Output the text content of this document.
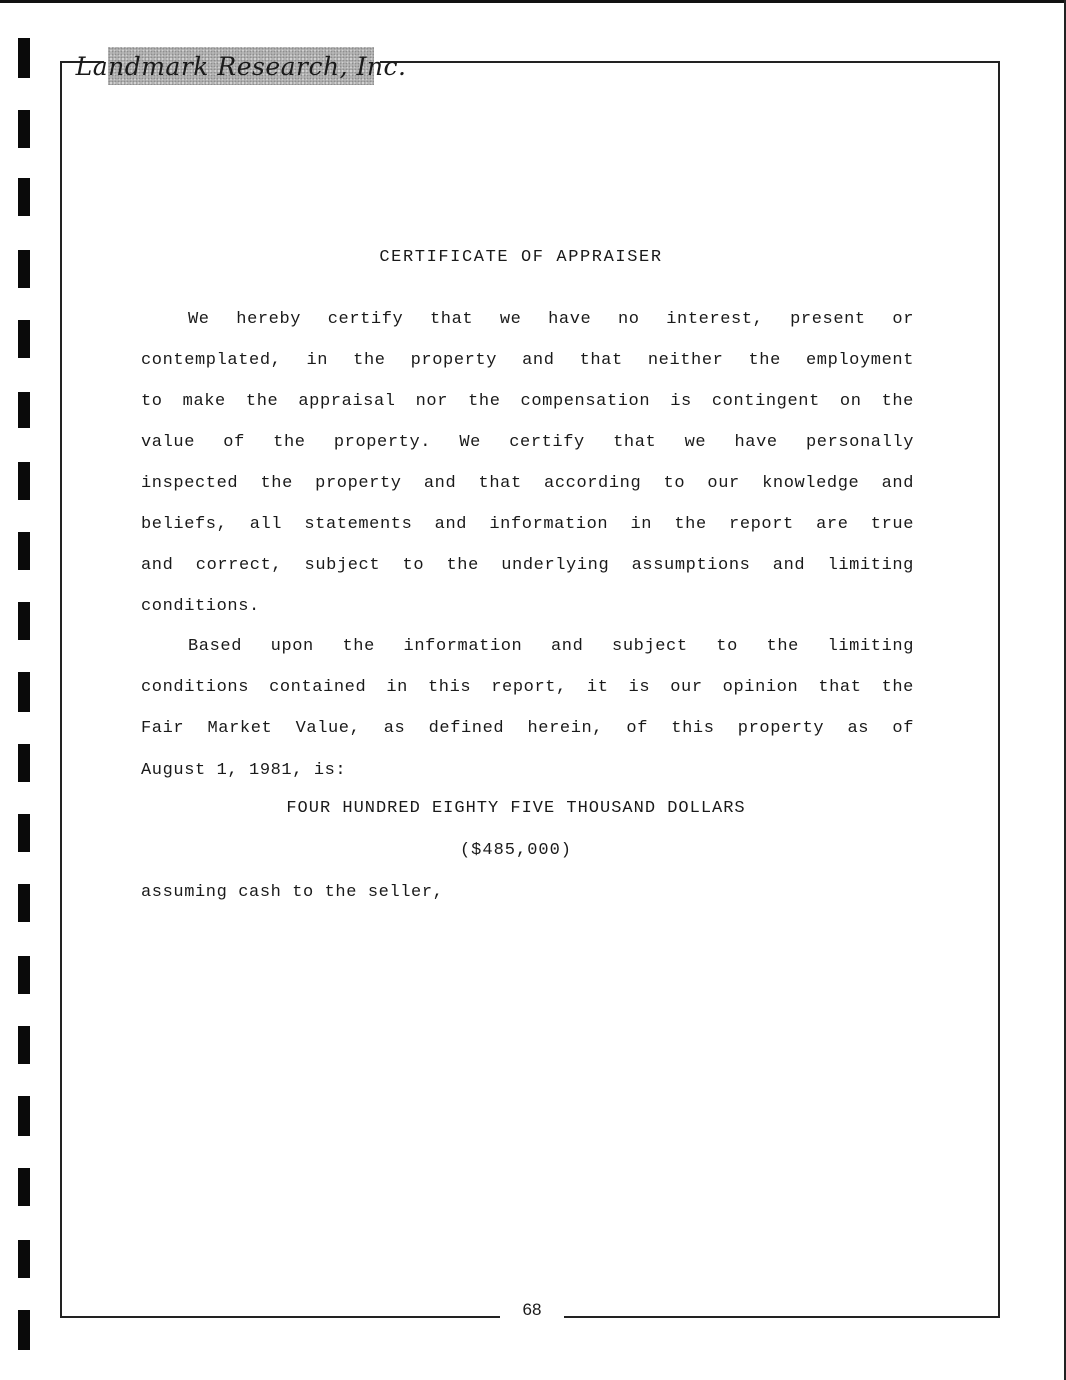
Landmark Research, Inc.
CERTIFICATE OF APPRAISER
We hereby certify that we have no interest, present or
contemplated, in the property and that neither the employment
to make the appraisal nor the compensation is contingent on the
value of the property. We certify that we have personally
inspected the property and that according to our knowledge and
beliefs, all statements and information in the report are true
and correct, subject to the underlying assumptions and limiting
conditions.
Based upon the information and subject to the limiting
conditions contained in this report, it is our opinion that the
Fair Market Value, as defined herein, of this property as of
August 1, 1981, is:
FOUR HUNDRED EIGHTY FIVE THOUSAND DOLLARS
($485,000)
assuming cash to the seller,
68
